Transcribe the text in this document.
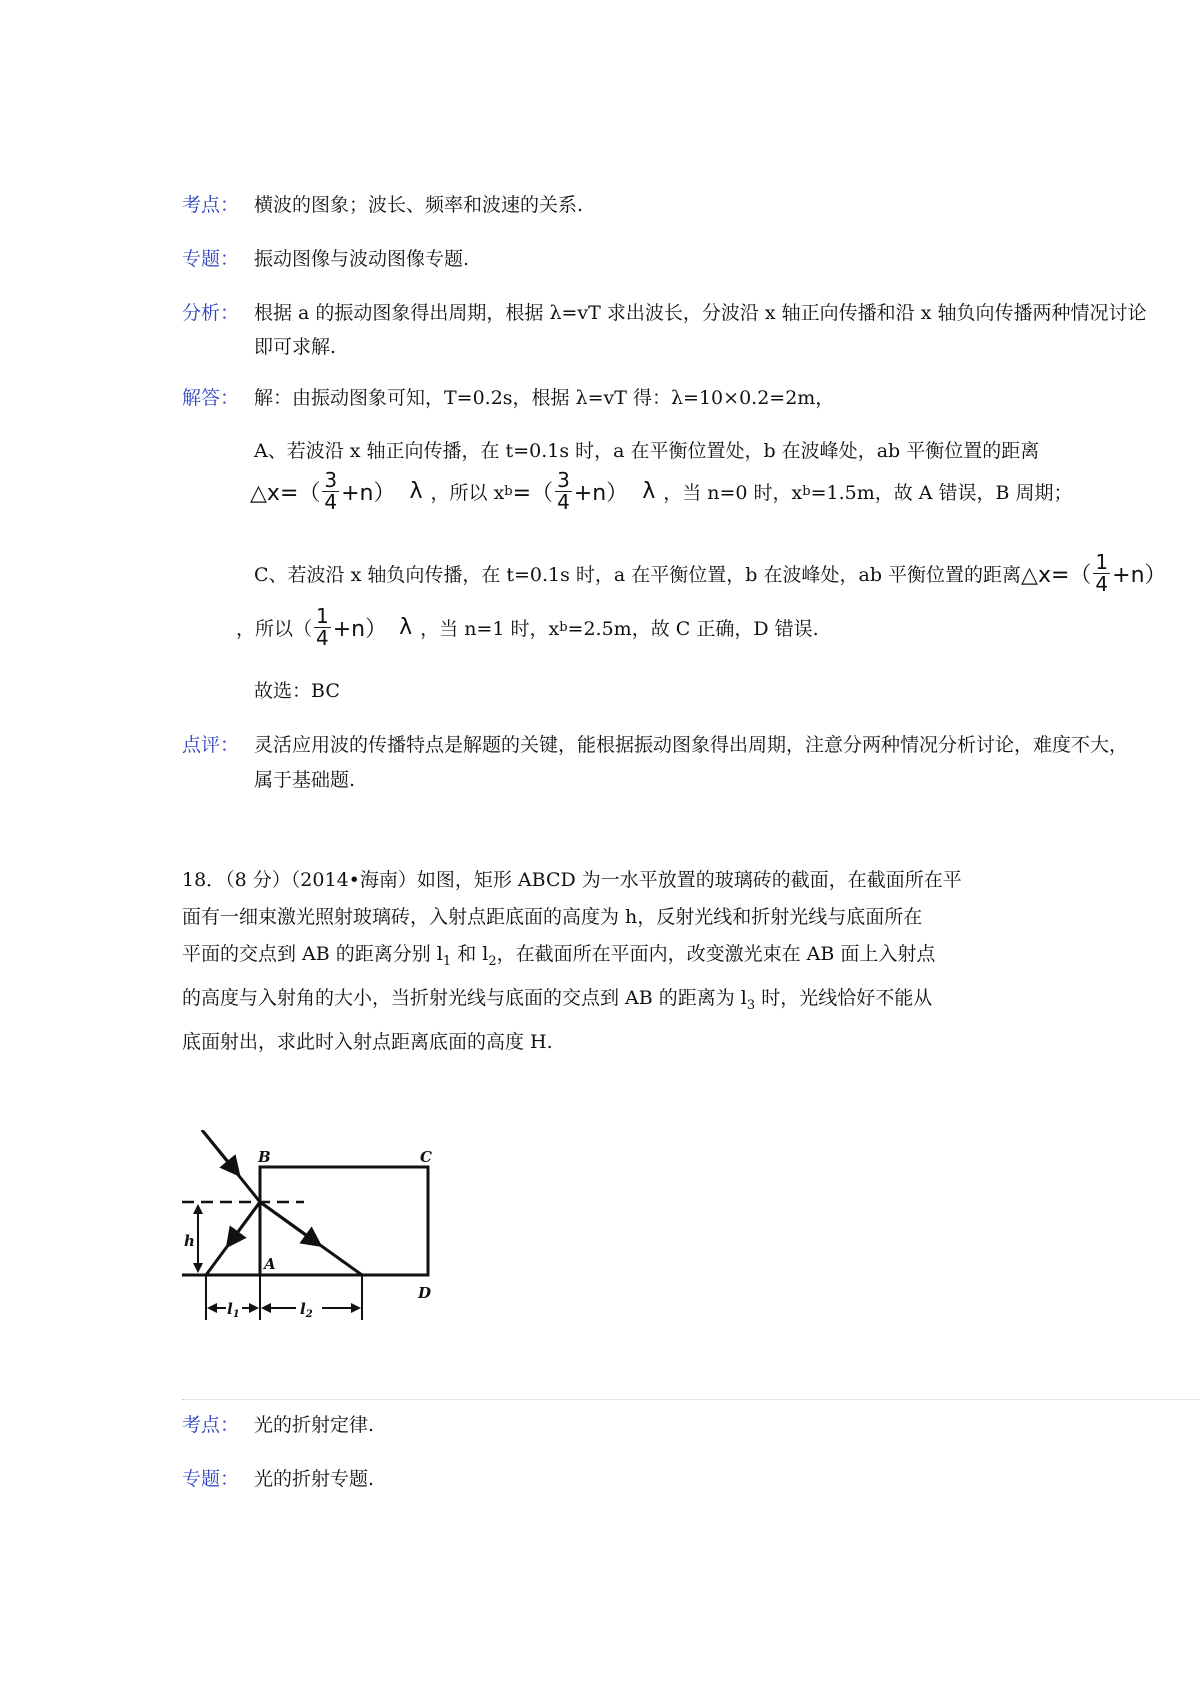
考点： 横波的图象；波长、频率和波速的关系.
专题： 振动图像与波动图像专题.
分析： 根据 a 的振动图象得出周期，根据 λ=vT 求出波长，分波沿 x 轴正向传播和沿 x 轴负向传播两种情况讨论
即可求解.
解答： 解：由振动图象可知，T=0.2s，根据 λ=vT 得：λ=10×0.2=2m，
A、若波沿 x 轴正向传播，在 t=0.1s 时，a 在平衡位置处，b 在波峰处，ab 平衡位置的距离
△x=（ $\frac{3}{4} +n$） λ ，所以 x b =（ $\frac{3}{4} +n$） λ ，当 n=0 时，x b =1.5m，故 A 错误，B 周期；
C、若波沿 x 轴负向传播，在 t=0.1s 时，a 在平衡位置，b 在波峰处，ab 平衡位置的距离 △x=（ $\frac{1}{4} +n$）
，所以（ $\frac{1}{4} +n$） λ ，当 n=1 时，x b =2.5m，故 C 正确，D 错误.
故选：BC
点评： 灵活应用波的传播特点是解题的关键，能根据振动图象得出周期，注意分两种情况分析讨论，难度不大，
属于基础题.
18．（8 分）（2014•海南）如图，矩形 ABCD 为一水平放置的玻璃砖的截面，在截面所在平
面有一细束激光照射玻璃砖，入射点距底面的高度为 h，反射光线和折射光线与底面所在
平面的交点到 AB 的距离分别 $l_1$ 和 $l_2$，在截面所在平面内，改变激光束在 AB 面上入射点
的高度与入射角的大小，当折射光线与底面的交点到 AB 的距离为 $l_3$ 时，光线恰好不能从
底面射出，求此时入射点距离底面的高度 H.
B	C
A
D
h
$l_1$	$l_2$
考点： 光的折射定律.
专题： 光的折射专题.
